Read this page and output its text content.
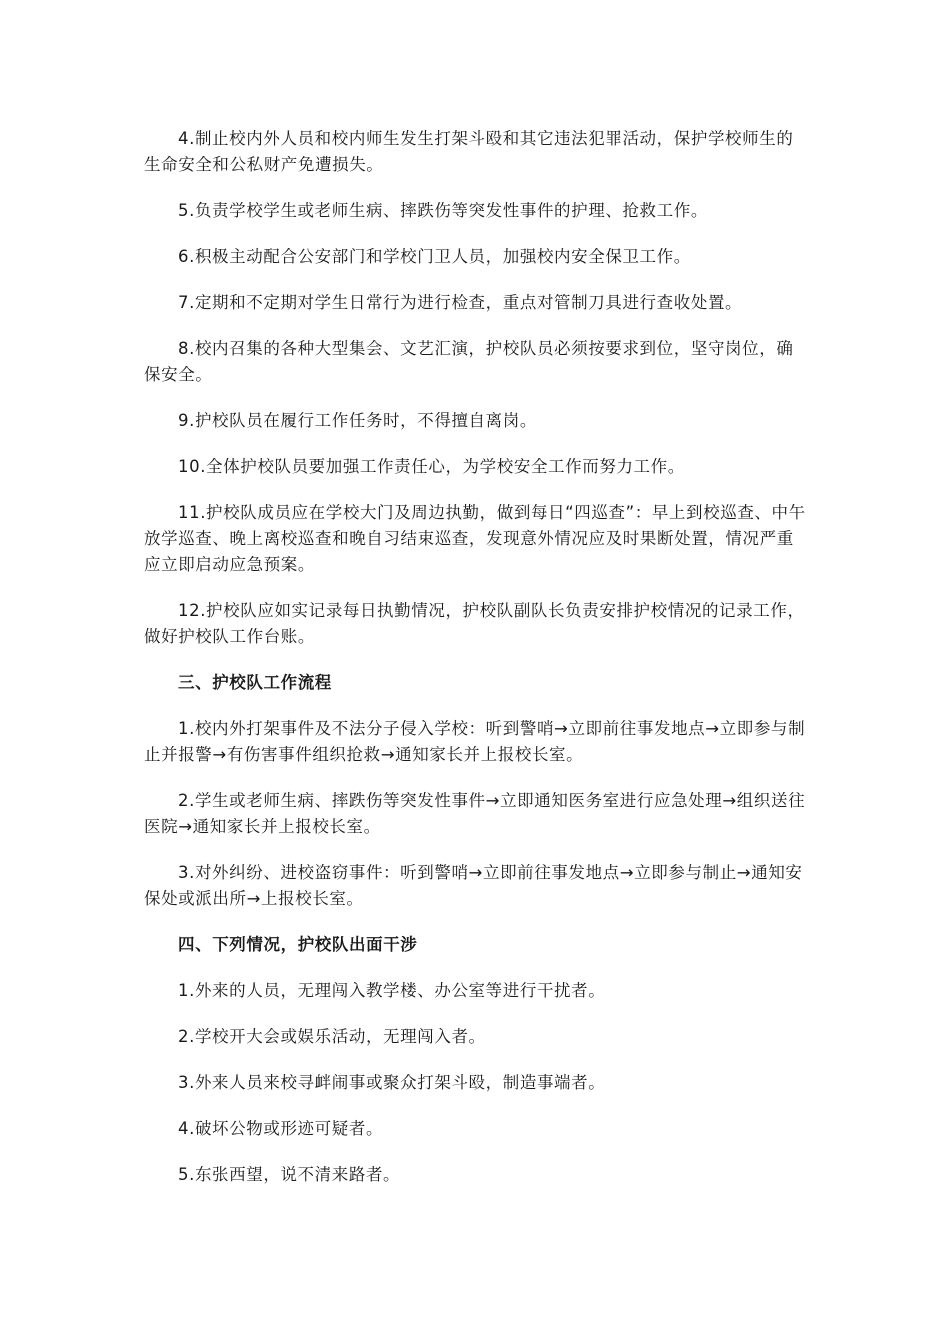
4.制止校内外人员和校内师生发生打架斗殴和其它违法犯罪活动，保护学校师生的生命安全和公私财产免遭损失。

5.负责学校学生或老师生病、摔跌伤等突发性事件的护理、抢救工作。

6.积极主动配合公安部门和学校门卫人员，加强校内安全保卫工作。

7.定期和不定期对学生日常行为进行检查，重点对管制刀具进行查收处置。

8.校内召集的各种大型集会、文艺汇演，护校队员必须按要求到位，坚守岗位，确保安全。

9.护校队员在履行工作任务时，不得擅自离岗。

10.全体护校队员要加强工作责任心，为学校安全工作而努力工作。

11.护校队成员应在学校大门及周边执勤，做到每日“四巡查”：早上到校巡查、中午放学巡查、晚上离校巡查和晚自习结束巡查，发现意外情况应及时果断处置，情况严重应立即启动应急预案。

12.护校队应如实记录每日执勤情况，护校队副队长负责安排护校情况的记录工作，做好护校队工作台账。

三、护校队工作流程

1.校内外打架事件及不法分子侵入学校：听到警哨→立即前往事发地点→立即参与制止并报警→有伤害事件组织抢救→通知家长并上报校长室。

2.学生或老师生病、摔跌伤等突发性事件→立即通知医务室进行应急处理→组织送往医院→通知家长并上报校长室。

3.对外纠纷、进校盗窃事件：听到警哨→立即前往事发地点→立即参与制止→通知安保处或派出所→上报校长室。

四、下列情况，护校队出面干涉

1.外来的人员，无理闯入教学楼、办公室等进行干扰者。

2.学校开大会或娱乐活动，无理闯入者。

3.外来人员来校寻衅闹事或聚众打架斗殴，制造事端者。

4.破坏公物或形迹可疑者。

5.东张西望，说不清来路者。
